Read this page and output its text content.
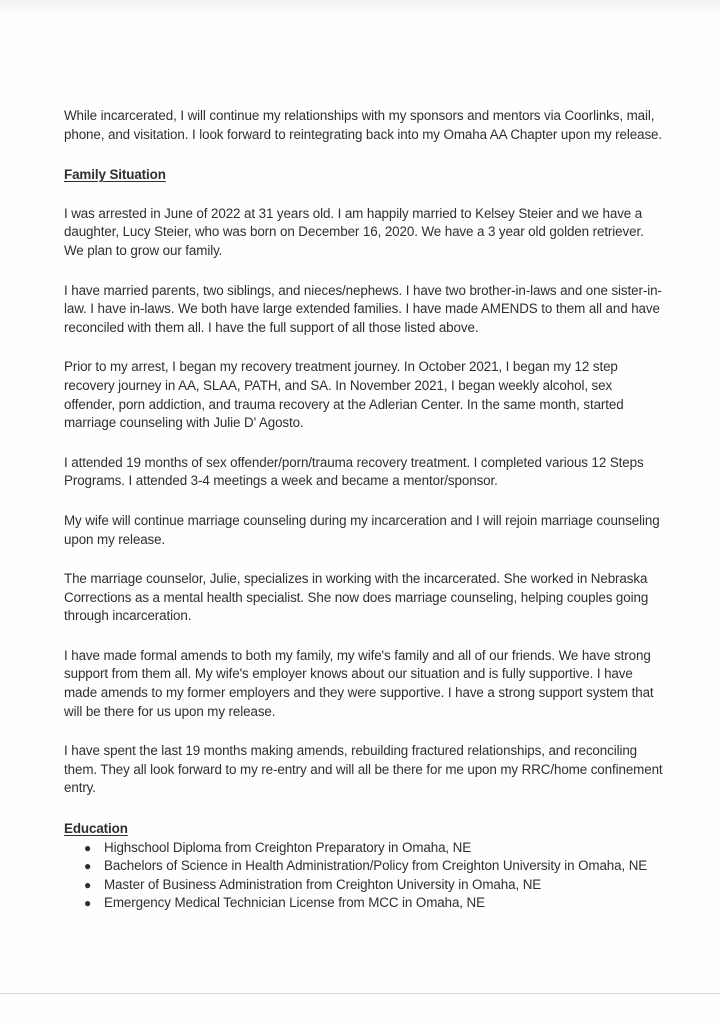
While incarcerated, I will continue my relationships with my sponsors and mentors via Coorlinks, mail, phone, and visitation. I look forward to reintegrating back into my Omaha AA Chapter upon my release.

Family Situation

I was arrested in June of 2022 at 31 years old. I am happily married to Kelsey Steier and we have a daughter, Lucy Steier, who was born on December 16, 2020. We have a 3 year old golden retriever. We plan to grow our family.

I have married parents, two siblings, and nieces/nephews. I have two brother-in-laws and one sister-in-law. I have in-laws. We both have large extended families. I have made AMENDS to them all and have reconciled with them all. I have the full support of all those listed above.

Prior to my arrest, I began my recovery treatment journey. In October 2021, I began my 12 step recovery journey in AA, SLAA, PATH, and SA. In November 2021, I began weekly alcohol, sex offender, porn addiction, and trauma recovery at the Adlerian Center. In the same month, started marriage counseling with Julie D' Agosto.

I attended 19 months of sex offender/porn/trauma recovery treatment. I completed various 12 Steps Programs. I attended 3-4 meetings a week and became a mentor/sponsor.

My wife will continue marriage counseling during my incarceration and I will rejoin marriage counseling upon my release.

The marriage counselor, Julie, specializes in working with the incarcerated. She worked in Nebraska Corrections as a mental health specialist. She now does marriage counseling, helping couples going through incarceration.

I have made formal amends to both my family, my wife's family and all of our friends. We have strong support from them all. My wife's employer knows about our situation and is fully supportive. I have made amends to my former employers and they were supportive. I have a strong support system that will be there for us upon my release.

I have spent the last 19 months making amends, rebuilding fractured relationships, and reconciling them. They all look forward to my re-entry and will all be there for me upon my RRC/home confinement entry.

Education

● Highschool Diploma from Creighton Preparatory in Omaha, NE
● Bachelors of Science in Health Administration/Policy from Creighton University in Omaha, NE
● Master of Business Administration from Creighton University in Omaha, NE
● Emergency Medical Technician License from MCC in Omaha, NE
